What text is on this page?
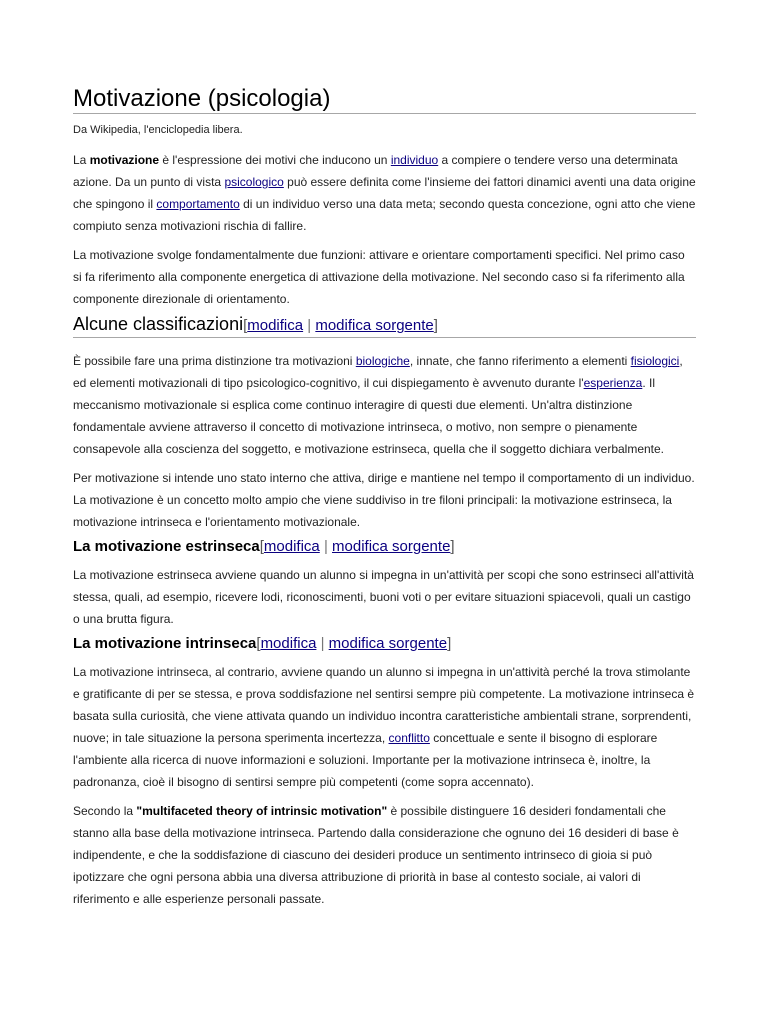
Motivazione (psicologia)
Da Wikipedia, l'enciclopedia libera.

La motivazione è l'espressione dei motivi che inducono un individuo a compiere o tendere verso una determinata azione. Da un punto di vista psicologico può essere definita come l'insieme dei fattori dinamici aventi una data origine che spingono il comportamento di un individuo verso una data meta; secondo questa concezione, ogni atto che viene compiuto senza motivazioni rischia di fallire.

La motivazione svolge fondamentalmente due funzioni: attivare e orientare comportamenti specifici. Nel primo caso si fa riferimento alla componente energetica di attivazione della motivazione. Nel secondo caso si fa riferimento alla componente direzionale di orientamento.

Alcune classificazioni[modifica | modifica sorgente]

È possibile fare una prima distinzione tra motivazioni biologiche, innate, che fanno riferimento a elementi fisiologici, ed elementi motivazionali di tipo psicologico-cognitivo, il cui dispiegamento è avvenuto durante l'esperienza. Il meccanismo motivazionale si esplica come continuo interagire di questi due elementi. Un'altra distinzione fondamentale avviene attraverso il concetto di motivazione intrinseca, o motivo, non sempre o pienamente consapevole alla coscienza del soggetto, e motivazione estrinseca, quella che il soggetto dichiara verbalmente.

Per motivazione si intende uno stato interno che attiva, dirige e mantiene nel tempo il comportamento di un individuo. La motivazione è un concetto molto ampio che viene suddiviso in tre filoni principali: la motivazione estrinseca, la motivazione intrinseca e l'orientamento motivazionale.

La motivazione estrinseca[modifica | modifica sorgente]

La motivazione estrinseca avviene quando un alunno si impegna in un'attività per scopi che sono estrinseci all'attività stessa, quali, ad esempio, ricevere lodi, riconoscimenti, buoni voti o per evitare situazioni spiacevoli, quali un castigo o una brutta figura.

La motivazione intrinseca[modifica | modifica sorgente]

La motivazione intrinseca, al contrario, avviene quando un alunno si impegna in un'attività perché la trova stimolante e gratificante di per se stessa, e prova soddisfazione nel sentirsi sempre più competente. La motivazione intrinseca è basata sulla curiosità, che viene attivata quando un individuo incontra caratteristiche ambientali strane, sorprendenti, nuove; in tale situazione la persona sperimenta incertezza, conflitto concettuale e sente il bisogno di esplorare l'ambiente alla ricerca di nuove informazioni e soluzioni. Importante per la motivazione intrinseca è, inoltre, la padronanza, cioè il bisogno di sentirsi sempre più competenti (come sopra accennato).

Secondo la "multifaceted theory of intrinsic motivation" è possibile distinguere 16 desideri fondamentali che stanno alla base della motivazione intrinseca. Partendo dalla considerazione che ognuno dei 16 desideri di base è indipendente, e che la soddisfazione di ciascuno dei desideri produce un sentimento intrinseco di gioia si può ipotizzare che ogni persona abbia una diversa attribuzione di priorità in base al contesto sociale, ai valori di riferimento e alle esperienze personali passate.
